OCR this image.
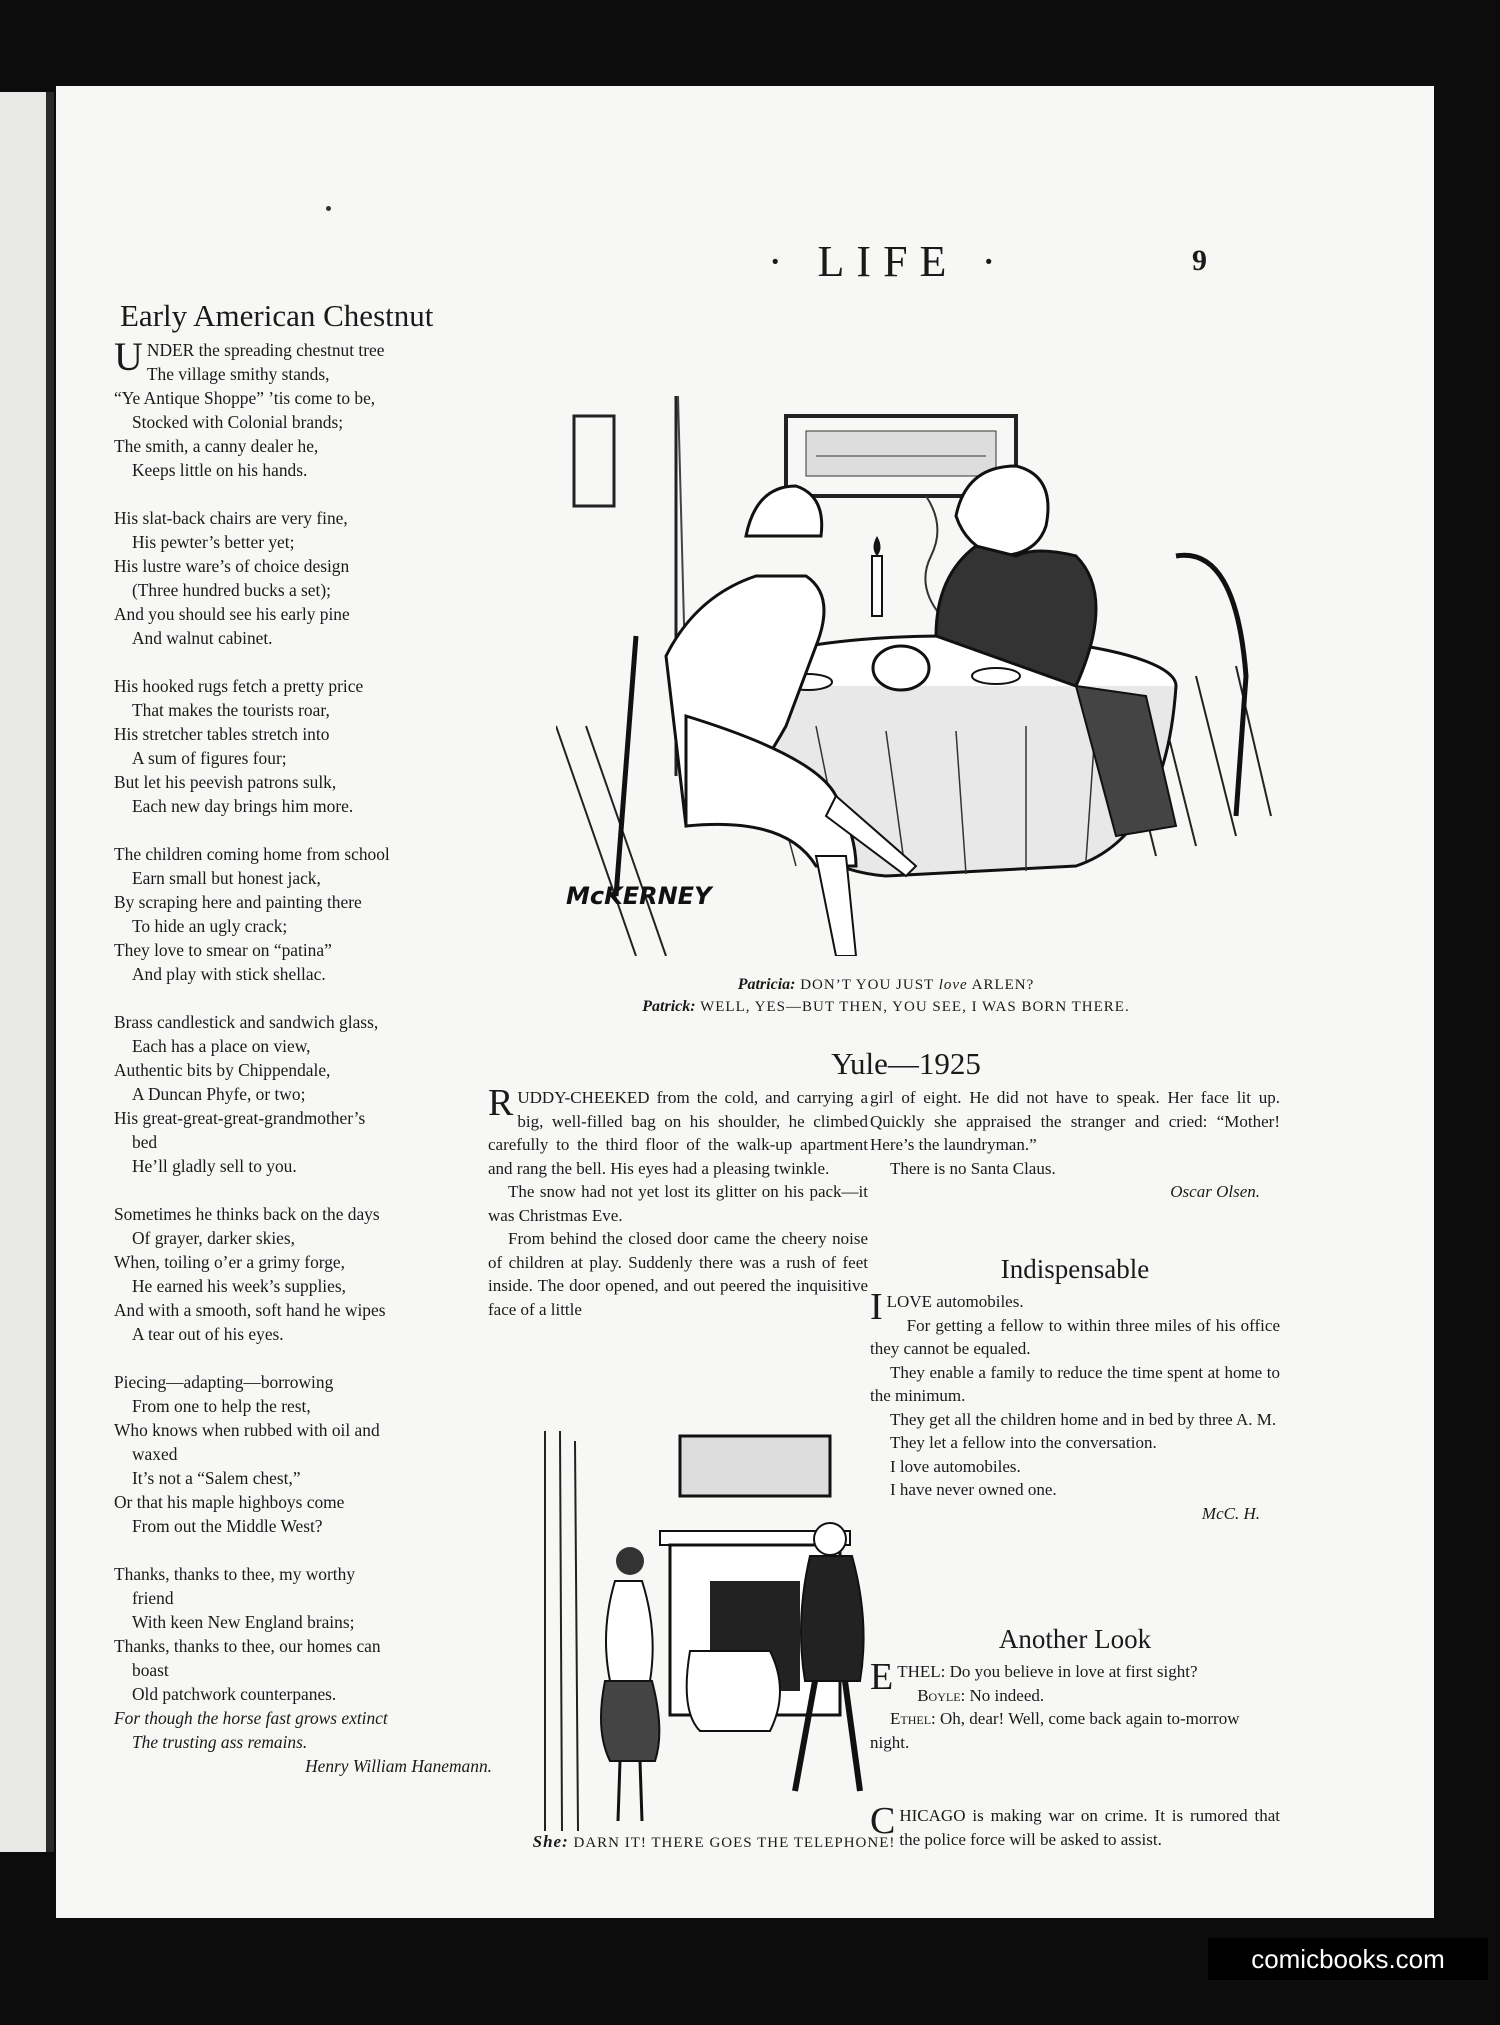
· LIFE ·	9
Early American Chestnut
U NDER the spreading chestnut tree
The village smithy stands,
“Ye Antique Shoppe” ’tis come to be,
Stocked with Colonial brands;
The smith, a canny dealer he,
Keeps little on his hands.
His slat-back chairs are very fine,
His pewter’s better yet;
His lustre ware’s of choice design
(Three hundred bucks a set);
And you should see his early pine
And walnut cabinet.
His hooked rugs fetch a pretty price
That makes the tourists roar,
His stretcher tables stretch into
A sum of figures four;
But let his peevish patrons sulk,
Each new day brings him more.
The children coming home from school
Earn small but honest jack,
By scraping here and painting there
To hide an ugly crack;
They love to smear on “patina”
And play with stick shellac.
Brass candlestick and sandwich glass,
Each has a place on view,
Authentic bits by Chippendale,
A Duncan Phyfe, or two;
His great-great-great-grandmother’s
bed
He’ll gladly sell to you.
Sometimes he thinks back on the days
Of grayer, darker skies,
When, toiling o’er a grimy forge,
He earned his week’s supplies,
And with a smooth, soft hand he wipes
A tear out of his eyes.
Piecing—adapting—borrowing
From one to help the rest,
Who knows when rubbed with oil and
waxed
It’s not a “Salem chest,”
Or that his maple highboys come
From out the Middle West?
Thanks, thanks to thee, my worthy
friend
With keen New England brains;
Thanks, thanks to thee, our homes can
boast
Old patchwork counterpanes.
For though the horse fast grows extinct
The trusting ass remains.
Henry William Hanemann.
McKERNEY
Patricia: DON’T YOU JUST love ARLEN?
Patrick: WELL, YES—BUT THEN, YOU SEE, I WAS BORN THERE.
Yule—1925

RUDDY-CHEEKED from the cold, and carrying a big, well-filled bag on his shoulder, he climbed carefully to the third floor of the walk-up apartment and rang the bell. His eyes had a pleasing twinkle.

The snow had not yet lost its glitter on his pack—it was Christmas Eve.

From behind the closed door came the cheery noise of children at play. Suddenly there was a rush of feet inside. The door opened, and out peered the inquisitive face of a little

girl of eight. He did not have to speak. Her face lit up. Quickly she appraised the stranger and cried: “Mother! Here’s the laundryman.”

There is no Santa Claus.

Oscar Olsen.

She: DARN IT! THERE GOES THE TELEPHONE!
Indispensable

ILOVE automobiles.

For getting a fellow to within three miles of his office they cannot be equaled.

They enable a family to reduce the time spent at home to the minimum.

They get all the children home and in bed by three A. M.

They let a fellow into the conversation.

I love automobiles.

I have never owned one.

McC. H.

Another Look

ETHEL: Do you believe in love at first sight?

Boyle: No indeed.

Ethel: Oh, dear! Well, come back again to-morrow night.

CHICAGO is making war on crime. It is rumored that the police force will be asked to assist.

comicbooks.com
